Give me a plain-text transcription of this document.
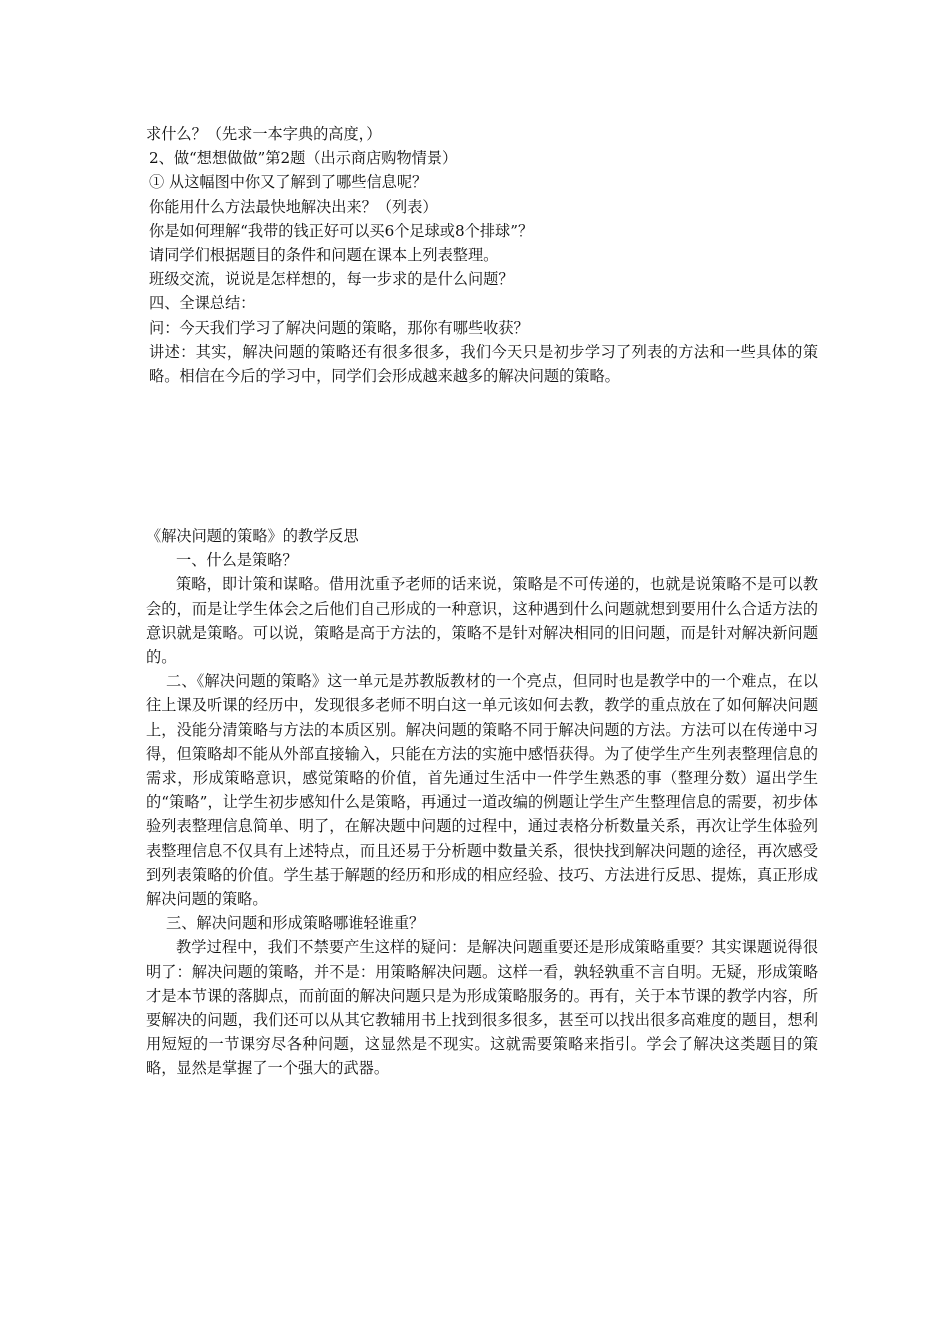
求什么？（先求一本字典的高度，）

2、做“想想做做”第2题（出示商店购物情景）

① 从这幅图中你又了解到了哪些信息呢？

你能用什么方法最快地解决出来？（列表）

你是如何理解“我带的钱正好可以买6个足球或8个排球”？

请同学们根据题目的条件和问题在课本上列表整理。

班级交流，说说是怎样想的，每一步求的是什么问题？

四、全课总结：

问：今天我们学习了解决问题的策略，那你有哪些收获？

讲述：其实，解决问题的策略还有很多很多，我们今天只是初步学习了列表的方法和一些具体的策略。相信在今后的学习中，同学们会形成越来越多的解决问题的策略。

《解决问题的策略》的教学反思

一、什么是策略？

策略，即计策和谋略。借用沈重予老师的话来说，策略是不可传递的，也就是说策略不是可以教会的，而是让学生体会之后他们自己形成的一种意识，这种遇到什么问题就想到要用什么合适方法的意识就是策略。可以说，策略是高于方法的，策略不是针对解决相同的旧问题，而是针对解决新问题的。

二、《解决问题的策略》这一单元是苏教版教材的一个亮点，但同时也是教学中的一个难点，在以往上课及听课的经历中，发现很多老师不明白这一单元该如何去教，教学的重点放在了如何解决问题上，没能分清策略与方法的本质区别。解决问题的策略不同于解决问题的方法。方法可以在传递中习得，但策略却不能从外部直接输入，只能在方法的实施中感悟获得。为了使学生产生列表整理信息的需求，形成策略意识，感觉策略的价值，首先通过生活中一件学生熟悉的事（整理分数）逼出学生的“策略”，让学生初步感知什么是策略，再通过一道改编的例题让学生产生整理信息的需要，初步体验列表整理信息简单、明了，在解决题中问题的过程中，通过表格分析数量关系，再次让学生体验列表整理信息不仅具有上述特点，而且还易于分析题中数量关系，很快找到解决问题的途径，再次感受到列表策略的价值。学生基于解题的经历和形成的相应经验、技巧、方法进行反思、提炼，真正形成解决问题的策略。

三、解决问题和形成策略哪谁轻谁重？

教学过程中，我们不禁要产生这样的疑问：是解决问题重要还是形成策略重要？其实课题说得很明了：解决问题的策略，并不是：用策略解决问题。这样一看，孰轻孰重不言自明。无疑，形成策略才是本节课的落脚点，而前面的解决问题只是为形成策略服务的。再有，关于本节课的教学内容，所要解决的问题，我们还可以从其它教辅用书上找到很多很多，甚至可以找出很多高难度的题目，想利用短短的一节课穷尽各种问题，这显然是不现实。这就需要策略来指引。学会了解决这类题目的策略，显然是掌握了一个强大的武器。
